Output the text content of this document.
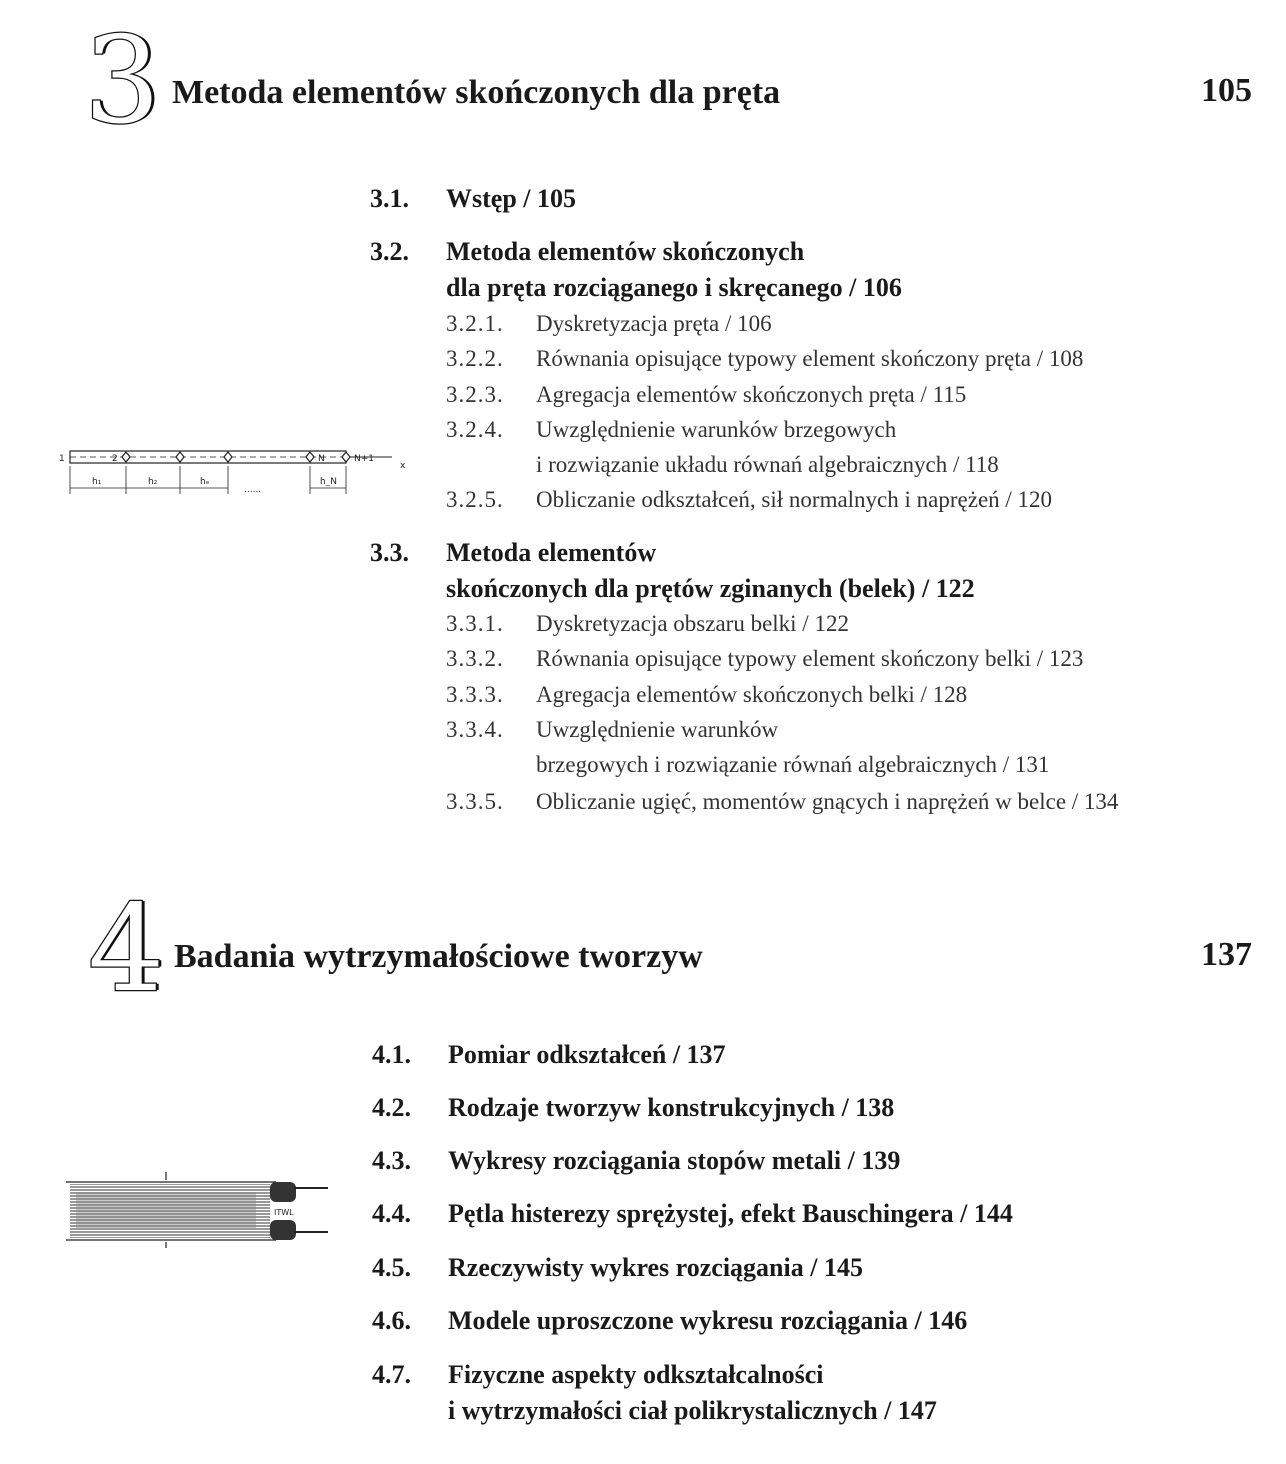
3 Metoda elementów skończonych dla pręta	105
3.1. Wstęp / 105
3.2. Metoda elementów skończonych
dla pręta rozciąganego i skręcanego / 106
3.2.1. Dyskretyzacja pręta / 106
3.2.2. Równania opisujące typowy element skończony pręta / 108
3.2.3. Agregacja elementów skończonych pręta / 115
3.2.4. Uwzględnienie warunków brzegowych
i rozwiązanie układu równań algebraicznych / 118
3.2.5. Obliczanie odkształceń, sił normalnych i naprężeń / 120
3.3. Metoda elementów
skończonych dla prętów zginanych (belek) / 122
3.3.1. Dyskretyzacja obszaru belki / 122
3.3.2. Równania opisujące typowy element skończony belki / 123
3.3.3. Agregacja elementów skończonych belki / 128
3.3.4. Uwzględnienie warunków
brzegowych i rozwiązanie równań algebraicznych / 131
3.3.5. Obliczanie ugięć, momentów gnących i naprężeń w belce / 134
1	2	N	N+1
x
h₁	h₂	hₑ
......
h_N
4 Badania wytrzymałościowe tworzyw	137
4.1. Pomiar odkształceń / 137
4.2. Rodzaje tworzyw konstrukcyjnych / 138
4.3. Wykresy rozciągania stopów metali / 139
4.4. Pętla histerezy sprężystej, efekt Bauschingera / 144
4.5. Rzeczywisty wykres rozciągania / 145
4.6. Modele uproszczone wykresu rozciągania / 146
4.7. Fizyczne aspekty odkształcalności
i wytrzymałości ciał polikrystalicznych / 147
ITWL
